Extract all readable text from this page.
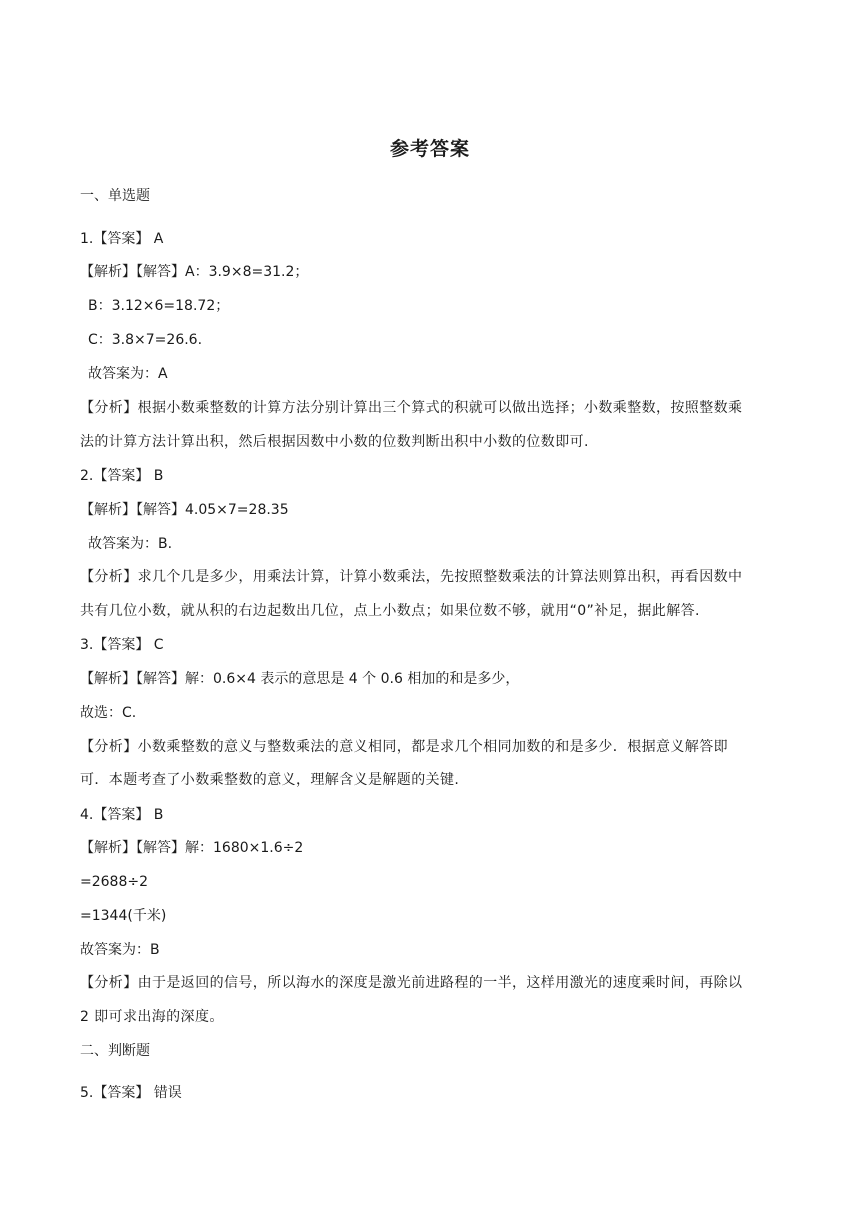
参考答案
一、单选题
1.【答案】 A
【解析】【解答】A：3.9×8=31.2；
B：3.12×6=18.72；
C：3.8×7=26.6.
故答案为：A
【分析】根据小数乘整数的计算方法分别计算出三个算式的积就可以做出选择；小数乘整数，按照整数乘
法的计算方法计算出积，然后根据因数中小数的位数判断出积中小数的位数即可.
2.【答案】 B
【解析】【解答】4.05×7=28.35
故答案为：B.
【分析】求几个几是多少，用乘法计算，计算小数乘法，先按照整数乘法的计算法则算出积，再看因数中
共有几位小数，就从积的右边起数出几位，点上小数点；如果位数不够，就用“0”补足，据此解答.
3.【答案】 C
【解析】【解答】解：0.6×4 表示的意思是 4 个 0.6 相加的和是多少，
故选：C.
【分析】小数乘整数的意义与整数乘法的意义相同，都是求几个相同加数的和是多少．根据意义解答即
可．本题考查了小数乘整数的意义，理解含义是解题的关键.
4.【答案】 B
【解析】【解答】解：1680×1.6÷2
=2688÷2
=1344(千米)
故答案为：B
【分析】由于是返回的信号，所以海水的深度是激光前进路程的一半，这样用激光的速度乘时间，再除以
2 即可求出海的深度。
二、判断题
5.【答案】 错误
